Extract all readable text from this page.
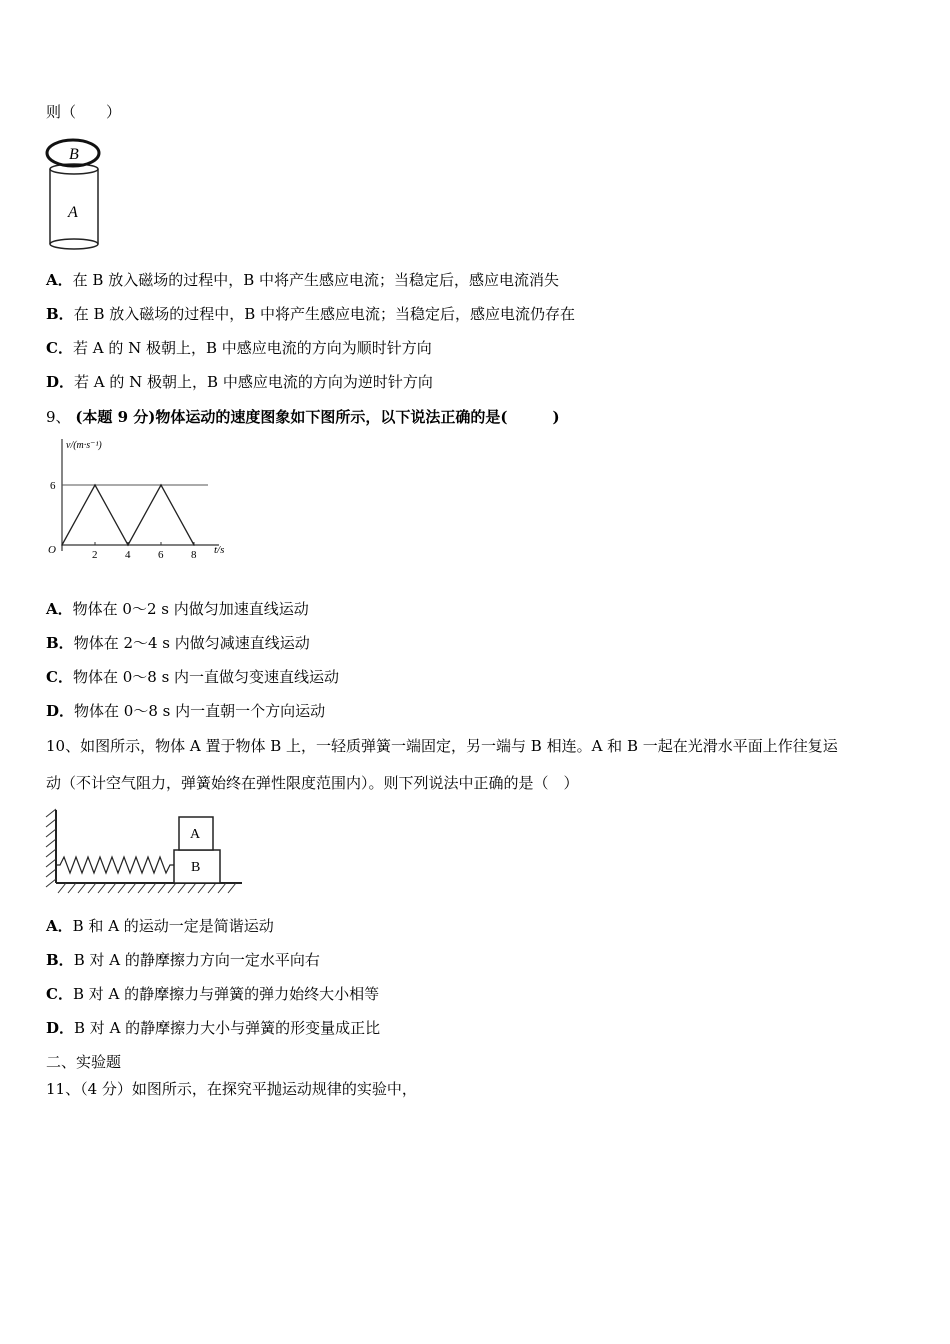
则（　　）
B
A
A．在 B 放入磁场的过程中，B 中将产生感应电流；当稳定后，感应电流消失
B．在 B 放入磁场的过程中，B 中将产生感应电流；当稳定后，感应电流仍存在
C．若 A 的 N 极朝上，B 中感应电流的方向为顺时针方向
D．若 A 的 N 极朝上，B 中感应电流的方向为逆时针方向
9、 (本题 9 分)物体运动的速度图象如下图所示，以下说法正确的是(　　　)
v/(m·s⁻¹)
t/s
O	2	4	6	8
6
A．物体在 0～2 s 内做匀加速直线运动
B．物体在 2～4 s 内做匀减速直线运动
C．物体在 0～8 s 内一直做匀变速直线运动
D．物体在 0～8 s 内一直朝一个方向运动
10、如图所示，物体 A 置于物体 B 上，一轻质弹簧一端固定，另一端与 B 相连。A 和 B 一起在光滑水平面上作往复运
动（不计空气阻力，弹簧始终在弹性限度范围内）。则下列说法中正确的是（　）
A
B
A．B 和 A 的运动一定是简谐运动
B．B 对 A 的静摩擦力方向一定水平向右
C．B 对 A 的静摩擦力与弹簧的弹力始终大小相等
D．B 对 A 的静摩擦力大小与弹簧的形变量成正比
二、实验题
11、（4 分）如图所示，在探究平抛运动规律的实验中，
